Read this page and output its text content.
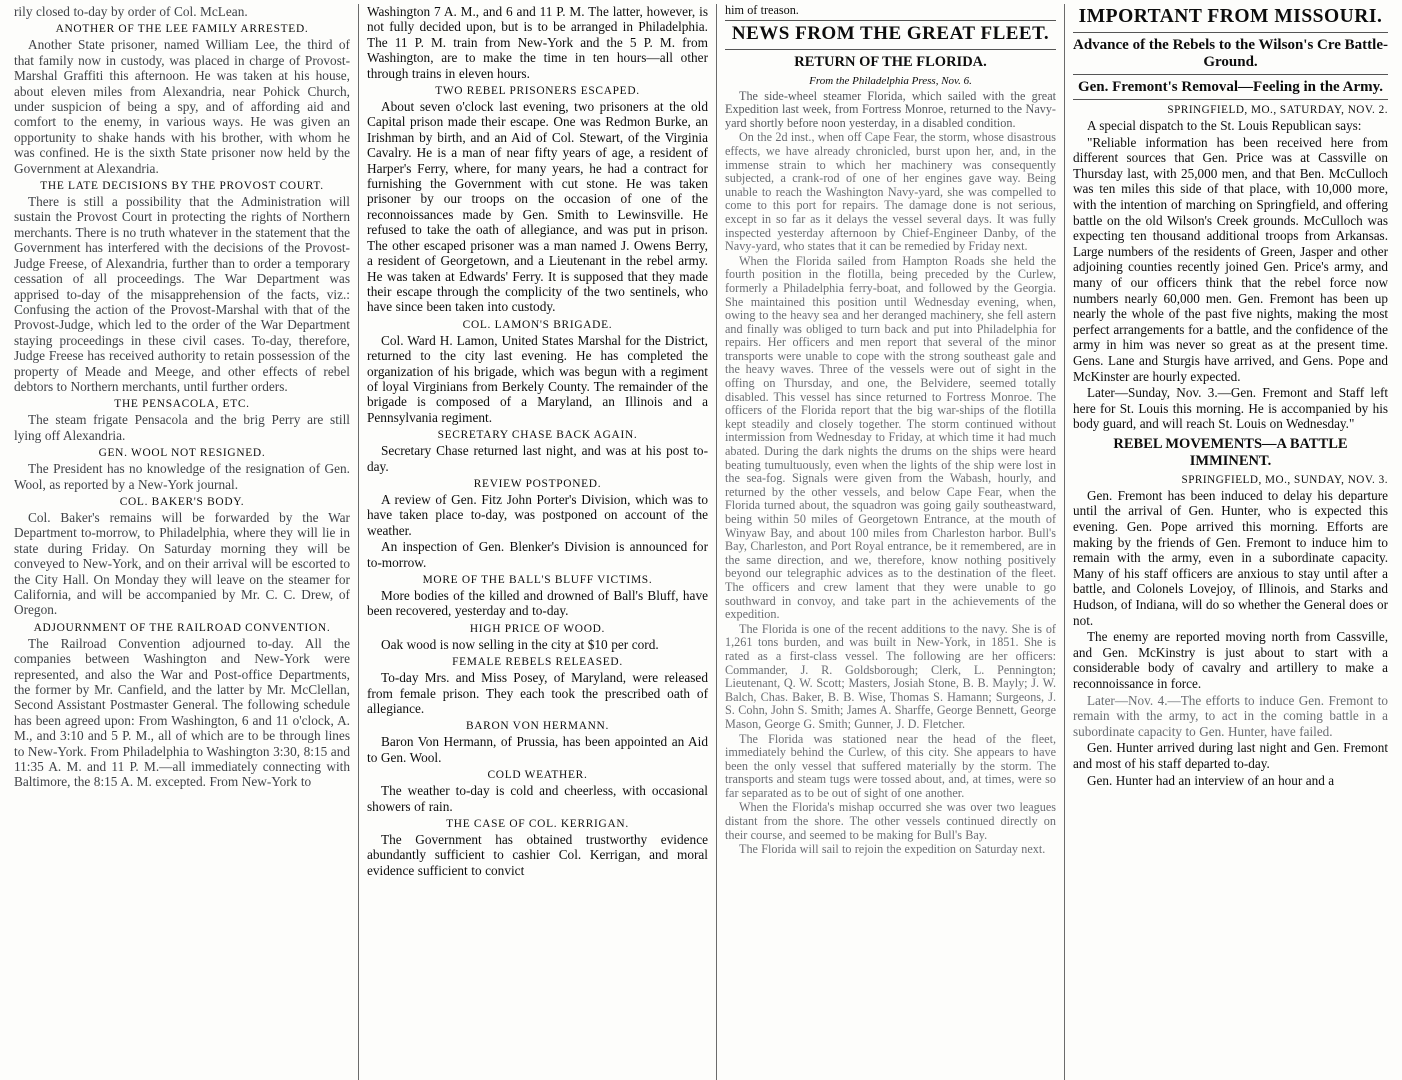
rily closed to-day by order of Col. McLean.

ANOTHER OF THE LEE FAMILY ARRESTED.

Another State prisoner, named William Lee, the third of that family now in custody, was placed in charge of Provost-Marshal Graffiti this afternoon. He was taken at his house, about eleven miles from Alexandria, near Pohick Church, under suspicion of being a spy, and of affording aid and comfort to the enemy, in various ways. He was given an opportunity to shake hands with his brother, with whom he was confined. He is the sixth State prisoner now held by the Government at Alexandria.

THE LATE DECISIONS BY THE PROVOST COURT.

There is still a possibility that the Administration will sustain the Provost Court in protecting the rights of Northern merchants. There is no truth whatever in the statement that the Government has interfered with the decisions of the Provost-Judge Freese, of Alexandria, further than to order a temporary cessation of all proceedings. The War Department was apprised to-day of the misapprehension of the facts, viz.: Confusing the action of the Provost-Marshal with that of the Provost-Judge, which led to the order of the War Department staying proceedings in these civil cases. To-day, therefore, Judge Freese has received authority to retain possession of the property of Meade and Meege, and other effects of rebel debtors to Northern merchants, until further orders.

THE PENSACOLA, ETC.

The steam frigate Pensacola and the brig Perry are still lying off Alexandria.

GEN. WOOL NOT RESIGNED.

The President has no knowledge of the resignation of Gen. Wool, as reported by a New-York journal.

COL. BAKER'S BODY.

Col. Baker's remains will be forwarded by the War Department to-morrow, to Philadelphia, where they will lie in state during Friday. On Saturday morning they will be conveyed to New-York, and on their arrival will be escorted to the City Hall. On Monday they will leave on the steamer for California, and will be accompanied by Mr. C. C. Drew, of Oregon.

ADJOURNMENT OF THE RAILROAD CONVENTION.

The Railroad Convention adjourned to-day. All the companies between Washington and New-York were represented, and also the War and Post-office Departments, the former by Mr. Canfield, and the latter by Mr. McClellan, Second Assistant Postmaster General. The following schedule has been agreed upon: From Washington, 6 and 11 o'clock, A. M., and 3:10 and 5 P. M., all of which are to be through lines to New-York. From Philadelphia to Washington 3:30, 8:15 and 11:35 A. M. and 11 P. M.—all immediately connecting with Baltimore, the 8:15 A. M. excepted. From New-York to

Washington 7 A. M., and 6 and 11 P. M. The latter, however, is not fully decided upon, but is to be arranged in Philadelphia. The 11 P. M. train from New-York and the 5 P. M. from Washington, are to make the time in ten hours—all other through trains in eleven hours.

TWO REBEL PRISONERS ESCAPED.

About seven o'clock last evening, two prisoners at the old Capital prison made their escape. One was Redmon Burke, an Irishman by birth, and an Aid of Col. Stewart, of the Virginia Cavalry. He is a man of near fifty years of age, a resident of Harper's Ferry, where, for many years, he had a contract for furnishing the Government with cut stone. He was taken prisoner by our troops on the occasion of one of the reconnoissances made by Gen. Smith to Lewinsville. He refused to take the oath of allegiance, and was put in prison. The other escaped prisoner was a man named J. Owens Berry, a resident of Georgetown, and a Lieutenant in the rebel army. He was taken at Edwards' Ferry. It is supposed that they made their escape through the complicity of the two sentinels, who have since been taken into custody.

COL. LAMON'S BRIGADE.

Col. Ward H. Lamon, United States Marshal for the District, returned to the city last evening. He has completed the organization of his brigade, which was begun with a regiment of loyal Virginians from Berkely County. The remainder of the brigade is composed of a Maryland, an Illinois and a Pennsylvania regiment.

SECRETARY CHASE BACK AGAIN.

Secretary Chase returned last night, and was at his post to-day.

REVIEW POSTPONED.

A review of Gen. Fitz John Porter's Division, which was to have taken place to-day, was postponed on account of the weather.

An inspection of Gen. Blenker's Division is announced for to-morrow.

MORE OF THE BALL'S BLUFF VICTIMS.

More bodies of the killed and drowned of Ball's Bluff, have been recovered, yesterday and to-day.

HIGH PRICE OF WOOD.

Oak wood is now selling in the city at $10 per cord.

FEMALE REBELS RELEASED.

To-day Mrs. and Miss Posey, of Maryland, were released from female prison. They each took the prescribed oath of allegiance.

BARON VON HERMANN.

Baron Von Hermann, of Prussia, has been appointed an Aid to Gen. Wool.

COLD WEATHER.

The weather to-day is cold and cheerless, with occasional showers of rain.

THE CASE OF COL. KERRIGAN.

The Government has obtained trustworthy evidence abundantly sufficient to cashier Col. Kerrigan, and moral evidence sufficient to convict

him of treason.

NEWS FROM THE GREAT FLEET.
RETURN OF THE FLORIDA.
From the Philadelphia Press, Nov. 6.

The side-wheel steamer Florida, which sailed with the great Expedition last week, from Fortress Monroe, returned to the Navy-yard shortly before noon yesterday, in a disabled condition.

On the 2d inst., when off Cape Fear, the storm, whose disastrous effects, we have already chronicled, burst upon her, and, in the immense strain to which her machinery was consequently subjected, a crank-rod of one of her engines gave way. Being unable to reach the Washington Navy-yard, she was compelled to come to this port for repairs. The damage done is not serious, except in so far as it delays the vessel several days. It was fully inspected yesterday afternoon by Chief-Engineer Danby, of the Navy-yard, who states that it can be remedied by Friday next.

When the Florida sailed from Hampton Roads she held the fourth position in the flotilla, being preceded by the Curlew, formerly a Philadelphia ferry-boat, and followed by the Georgia. She maintained this position until Wednesday evening, when, owing to the heavy sea and her deranged machinery, she fell astern and finally was obliged to turn back and put into Philadelphia for repairs. Her officers and men report that several of the minor transports were unable to cope with the strong southeast gale and the heavy waves. Three of the vessels were out of sight in the offing on Thursday, and one, the Belvidere, seemed totally disabled. This vessel has since returned to Fortress Monroe. The officers of the Florida report that the big war-ships of the flotilla kept steadily and closely together. The storm continued without intermission from Wednesday to Friday, at which time it had much abated. During the dark nights the drums on the ships were heard beating tumultuously, even when the lights of the ship were lost in the sea-fog. Signals were given from the Wabash, hourly, and returned by the other vessels, and below Cape Fear, when the Florida turned about, the squadron was going gaily southeastward, being within 50 miles of Georgetown Entrance, at the mouth of Winyaw Bay, and about 100 miles from Charleston harbor. Bull's Bay, Charleston, and Port Royal entrance, be it remembered, are in the same direction, and we, therefore, know nothing positively beyond our telegraphic advices as to the destination of the fleet. The officers and crew lament that they were unable to go southward in convoy, and take part in the achievements of the expedition.

The Florida is one of the recent additions to the navy. She is of 1,261 tons burden, and was built in New-York, in 1851. She is rated as a first-class vessel. The following are her officers: Commander, J. R. Goldsborough; Clerk, L. Pennington; Lieutenant, Q. W. Scott; Masters, Josiah Stone, B. B. Mayly; J. W. Balch, Chas. Baker, B. B. Wise, Thomas S. Hamann; Surgeons, J. S. Cohn, John S. Smith; James A. Sharffe, George Bennett, George Mason, George G. Smith; Gunner, J. D. Fletcher.

The Florida was stationed near the head of the fleet, immediately behind the Curlew, of this city. She appears to have been the only vessel that suffered materially by the storm. The transports and steam tugs were tossed about, and, at times, were so far separated as to be out of sight of one another.

When the Florida's mishap occurred she was over two leagues distant from the shore. The other vessels continued directly on their course, and seemed to be making for Bull's Bay.

The Florida will sail to rejoin the expedition on Saturday next.

IMPORTANT FROM MISSOURI.
Advance of the Rebels to the Wilson's Cre Battle-Ground.
Gen. Fremont's Removal—Feeling in the Army.
SPRINGFIELD, MO., SATURDAY, NOV. 2.

A special dispatch to the St. Louis Republican says:

"Reliable information has been received here from different sources that Gen. Price was at Cassville on Thursday last, with 25,000 men, and that Ben. McCulloch was ten miles this side of that place, with 10,000 more, with the intention of marching on Springfield, and offering battle on the old Wilson's Creek grounds. McCulloch was expecting ten thousand additional troops from Arkansas. Large numbers of the residents of Green, Jasper and other adjoining counties recently joined Gen. Price's army, and many of our officers think that the rebel force now numbers nearly 60,000 men. Gen. Fremont has been up nearly the whole of the past five nights, making the most perfect arrangements for a battle, and the confidence of the army in him was never so great as at the present time. Gens. Lane and Sturgis have arrived, and Gens. Pope and McKinster are hourly expected.

Later—Sunday, Nov. 3.—Gen. Fremont and Staff left here for St. Louis this morning. He is accompanied by his body guard, and will reach St. Louis on Wednesday."

REBEL MOVEMENTS—A BATTLE IMMINENT.
SPRINGFIELD, MO., SUNDAY, NOV. 3.

Gen. Fremont has been induced to delay his departure until the arrival of Gen. Hunter, who is expected this evening. Gen. Pope arrived this morning. Efforts are making by the friends of Gen. Fremont to induce him to remain with the army, even in a subordinate capacity. Many of his staff officers are anxious to stay until after a battle, and Colonels Lovejoy, of Illinois, and Starks and Hudson, of Indiana, will do so whether the General does or not.

The enemy are reported moving north from Cassville, and Gen. McKinstry is just about to start with a considerable body of cavalry and artillery to make a reconnoissance in force.

Later—Nov. 4.—The efforts to induce Gen. Fremont to remain with the army, to act in the coming battle in a subordinate capacity to Gen. Hunter, have failed.

Gen. Hunter arrived during last night and Gen. Fremont and most of his staff departed to-day.

Gen. Hunter had an interview of an hour and a
